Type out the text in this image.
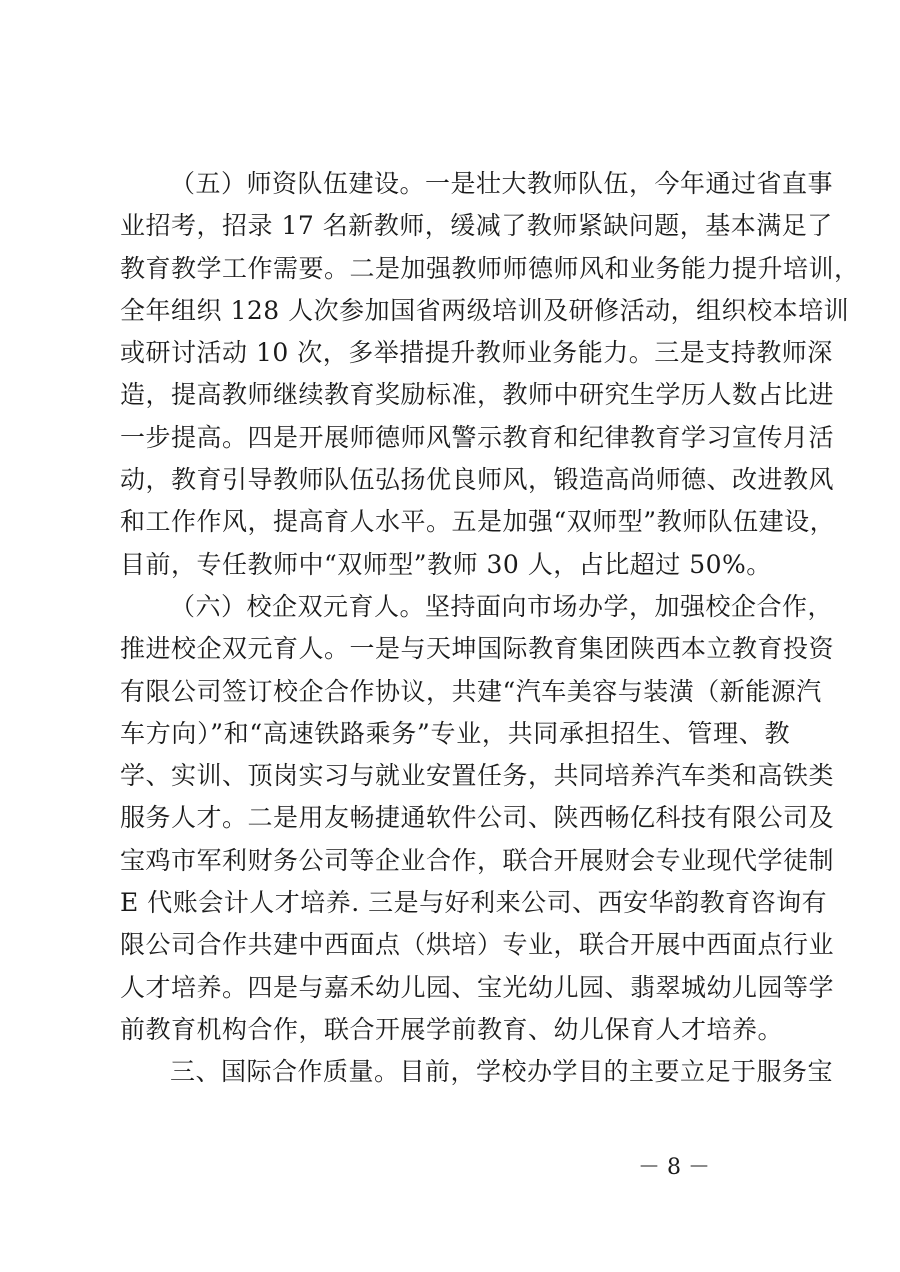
（五）师资队伍建设。一是壮大教师队伍，今年通过省直事
业招考，招录 17 名新教师，缓减了教师紧缺问题，基本满足了
教育教学工作需要。二是加强教师师德师风和业务能力提升培训，
全年组织 128 人次参加国省两级培训及研修活动，组织校本培训
或研讨活动 10 次，多举措提升教师业务能力。三是支持教师深
造，提高教师继续教育奖励标准，教师中研究生学历人数占比进
一步提高。四是开展师德师风警示教育和纪律教育学习宣传月活
动，教育引导教师队伍弘扬优良师风，锻造高尚师德、改进教风
和工作作风，提高育人水平。五是加强“双师型”教师队伍建设，
目前，专任教师中“双师型”教师 30 人，占比超过 50%。
（六）校企双元育人。坚持面向市场办学，加强校企合作，
推进校企双元育人。一是与天坤国际教育集团陕西本立教育投资
有限公司签订校企合作协议，共建“汽车美容与装潢（新能源汽
车方向）”和“高速铁路乘务”专业，共同承担招生、管理、教
学、实训、顶岗实习与就业安置任务，共同培养汽车类和高铁类
服务人才。二是用友畅捷通软件公司、陕西畅亿科技有限公司及
宝鸡市军利财务公司等企业合作，联合开展财会专业现代学徒制
E 代账会计人才培养. 三是与好利来公司、西安华韵教育咨询有
限公司合作共建中西面点（烘培）专业，联合开展中西面点行业
人才培养。四是与嘉禾幼儿园、宝光幼儿园、翡翠城幼儿园等学
前教育机构合作，联合开展学前教育、幼儿保育人才培养。
三、国际合作质量。目前，学校办学目的主要立足于服务宝
－ 8 －
